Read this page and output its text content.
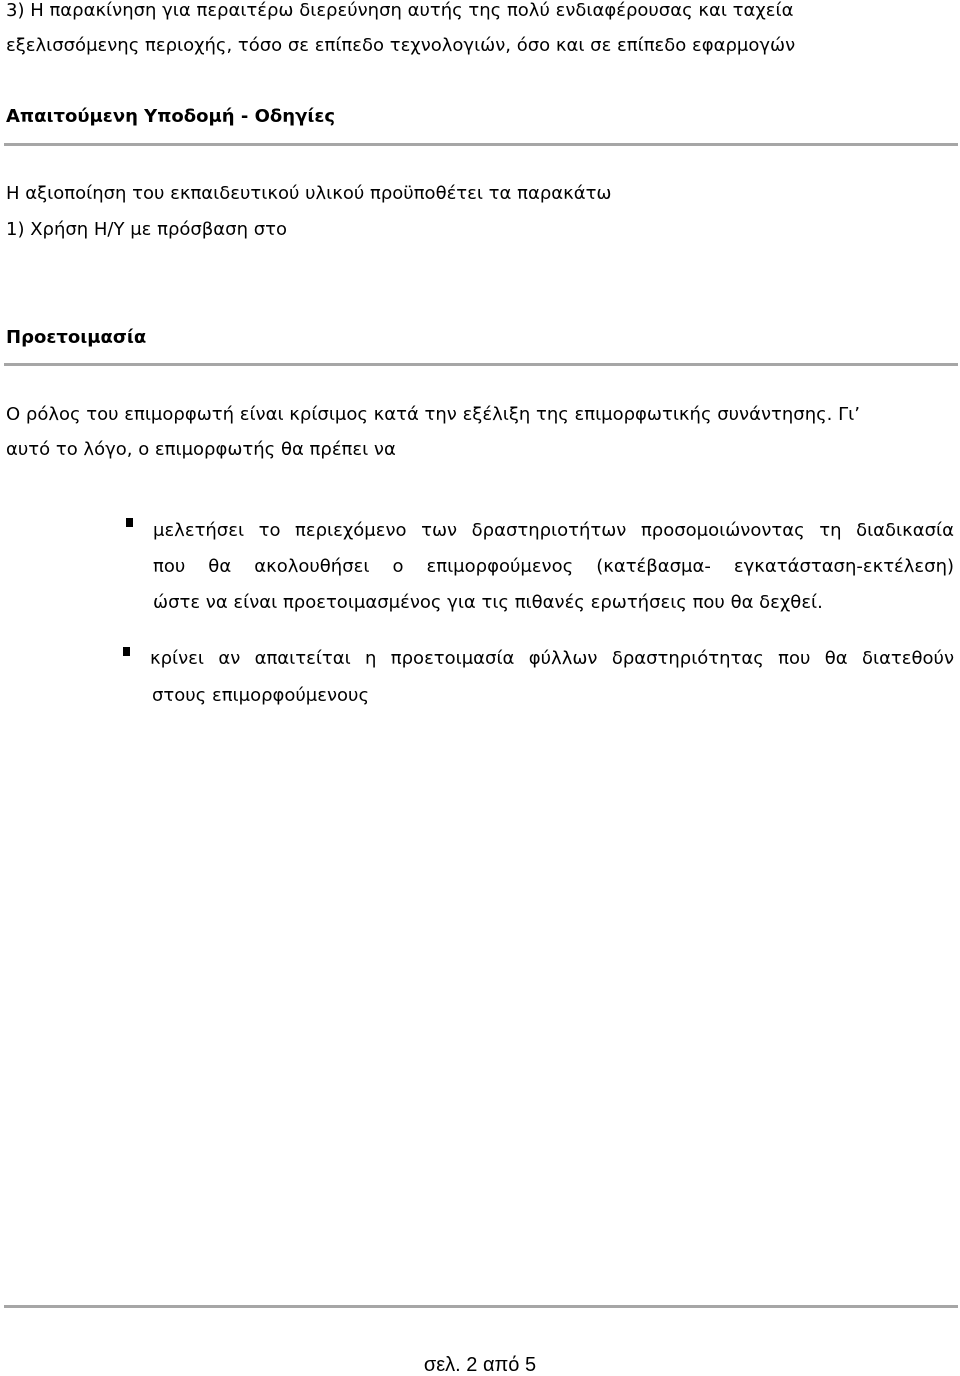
3) Η παρακίνηση για περαιτέρω διερεύνηση αυτής της πολύ ενδιαφέρουσας και ταχεία
εξελισσόμενης περιοχής, τόσο σε επίπεδο τεχνολογιών, όσο και σε επίπεδο εφαρμογών
Απαιτούμενη Υποδομή - Οδηγίες
Η αξιοποίηση του εκπαιδευτικού υλικού προϋποθέτει τα παρακάτω
1) Χρήση Η/Υ με πρόσβαση στο
Προετοιμασία
Ο ρόλος του επιμορφωτή είναι κρίσιμος κατά την εξέλιξη της επιμορφωτικής συνάντησης. Γι’
αυτό το λόγο, ο επιμορφωτής θα πρέπει να
μελετήσει το περιεχόμενο των δραστηριοτήτων προσομοιώνοντας τη διαδικασία
που θα ακολουθήσει ο επιμορφούμενος (κατέβασμα- εγκατάσταση-εκτέλεση)
ώστε να είναι προετοιμασμένος για τις πιθανές ερωτήσεις που θα δεχθεί.
κρίνει αν απαιτείται η προετοιμασία φύλλων δραστηριότητας που θα διατεθούν
στους επιμορφούμενους
σελ. 2 από 5
